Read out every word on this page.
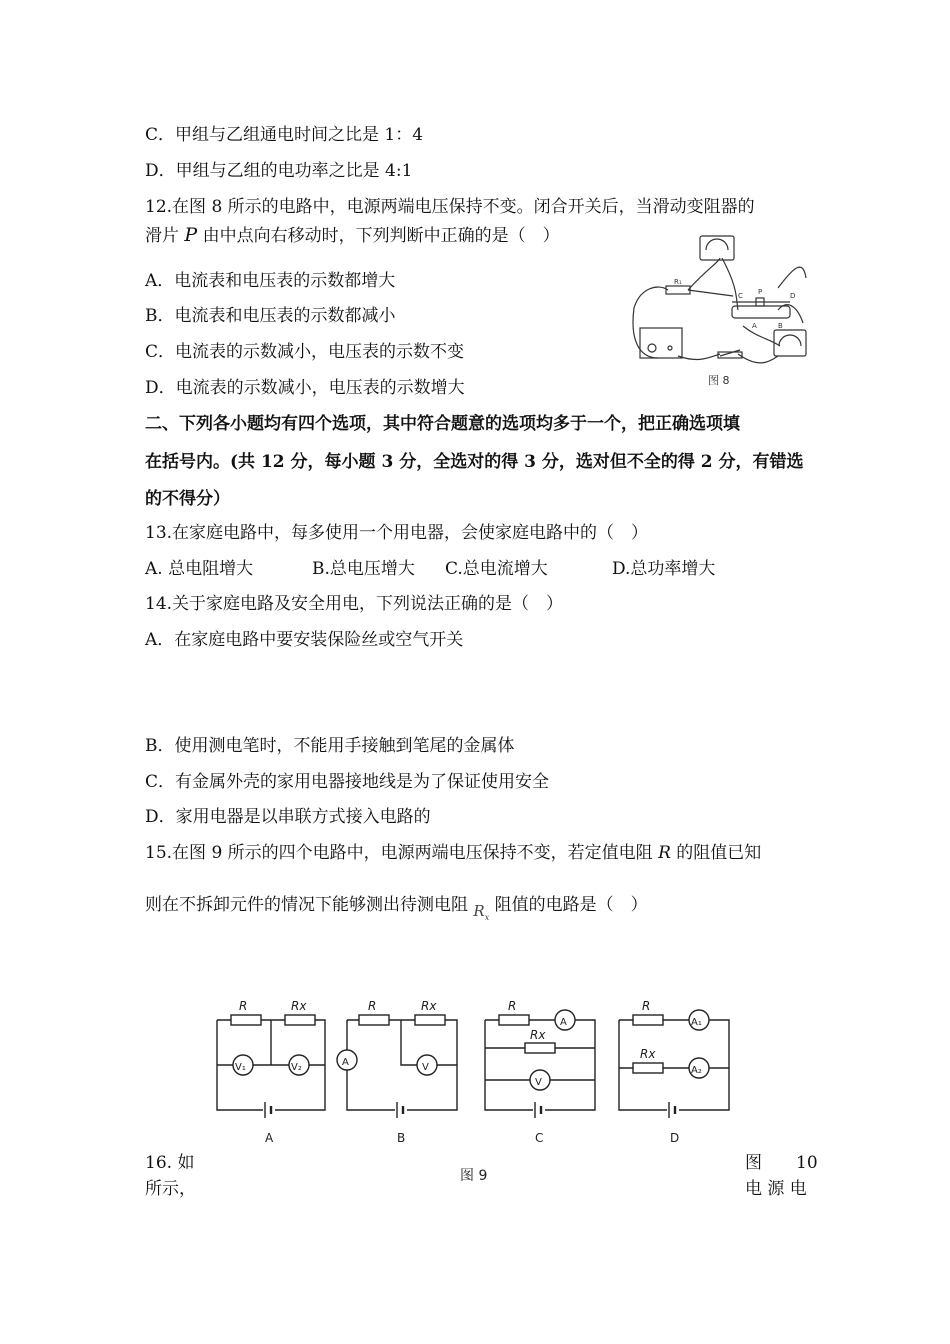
C．甲组与乙组通电时间之比是 1：4
D．甲组与乙组的电功率之比是 4:1
12.在图 8 所示的电路中，电源两端电压保持不变。闭合开关后，当滑动变阻器的
滑片 P 由中点向右移动时，下列判断中正确的是（　）
A．电流表和电压表的示数都增大
B．电流表和电压表的示数都减小
C．电流表的示数减小，电压表的示数不变
D．电流表的示数减小，电压表的示数增大
R₁
C P	D
A	B
图 8
二、下列各小题均有四个选项，其中符合题意的选项均多于一个，把正确选项填
在括号内。(共 12 分，每小题 3 分，全选对的得 3 分，选对但不全的得 2 分，有错选
的不得分）
13.在家庭电路中，每多使用一个用电器，会使家庭电路中的（　）
A. 总电阻增大	B.总电压增大 C.总电流增大	D.总功率增大
14.关于家庭电路及安全用电，下列说法正确的是（　）
A．在家庭电路中要安装保险丝或空气开关
B．使用测电笔时，不能用手接触到笔尾的金属体
C．有金属外壳的家用电器接地线是为了保证使用安全
D．家用电器是以串联方式接入电路的
15.在图 9 所示的四个电路中，电源两端电压保持不变，若定值电阻 R 的阻值已知
则在不拆卸元件的情况下能够测出待测电阻 $R_x$ 阻值的电路是（　）
R	Rx
V₁	V₂
A
R	Rx
A	V
B
R
A
Rx
V
C
R
A₁
Rx
A₂
D
图 9
16. 如
所示，
图　　10
电 源 电
